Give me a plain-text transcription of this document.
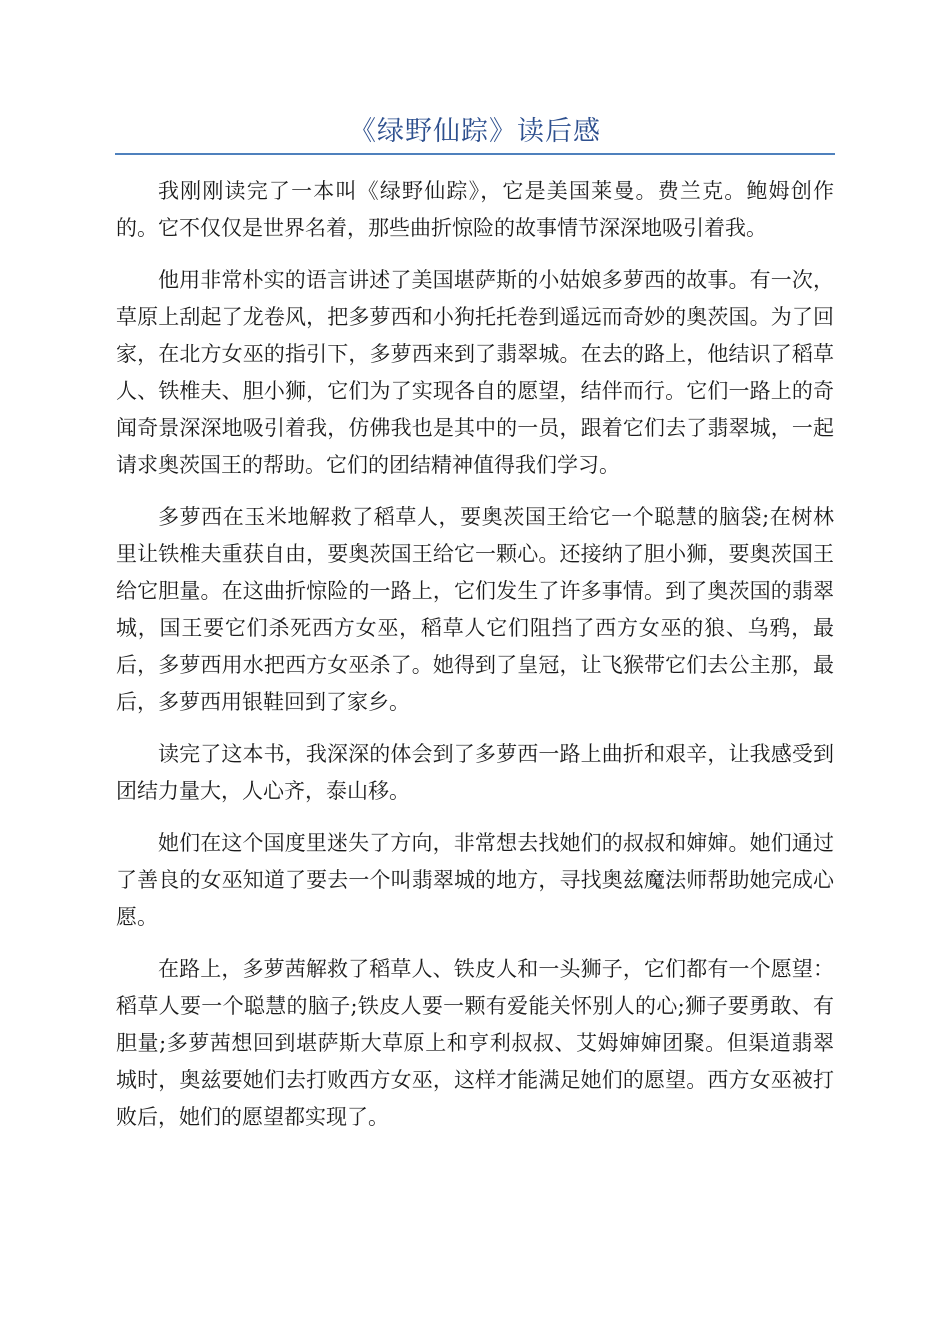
《绿野仙踪》读后感

我刚刚读完了一本叫《绿野仙踪》，它是美国莱曼。费兰克。鲍姆创作的。它不仅仅是世界名着，那些曲折惊险的故事情节深深地吸引着我。

他用非常朴实的语言讲述了美国堪萨斯的小姑娘多萝西的故事。有一次，草原上刮起了龙卷风，把多萝西和小狗托托卷到遥远而奇妙的奥茨国。为了回家，在北方女巫的指引下，多萝西来到了翡翠城。在去的路上，他结识了稻草人、铁椎夫、胆小狮，它们为了实现各自的愿望，结伴而行。它们一路上的奇闻奇景深深地吸引着我，仿佛我也是其中的一员，跟着它们去了翡翠城，一起请求奥茨国王的帮助。它们的团结精神值得我们学习。

多萝西在玉米地解救了稻草人，要奥茨国王给它一个聪慧的脑袋;在树林里让铁椎夫重获自由，要奥茨国王给它一颗心。还接纳了胆小狮，要奥茨国王给它胆量。在这曲折惊险的一路上，它们发生了许多事情。到了奥茨国的翡翠城，国王要它们杀死西方女巫，稻草人它们阻挡了西方女巫的狼、乌鸦，最后，多萝西用水把西方女巫杀了。她得到了皇冠，让飞猴带它们去公主那，最后，多萝西用银鞋回到了家乡。

读完了这本书，我深深的体会到了多萝西一路上曲折和艰辛，让我感受到团结力量大，人心齐，泰山移。

她们在这个国度里迷失了方向，非常想去找她们的叔叔和婶婶。她们通过了善良的女巫知道了要去一个叫翡翠城的地方，寻找奥兹魔法师帮助她完成心愿。

在路上，多萝茜解救了稻草人、铁皮人和一头狮子，它们都有一个愿望：稻草人要一个聪慧的脑子;铁皮人要一颗有爱能关怀别人的心;狮子要勇敢、有胆量;多萝茜想回到堪萨斯大草原上和亨利叔叔、艾姆婶婶团聚。但渠道翡翠城时，奥兹要她们去打败西方女巫，这样才能满足她们的愿望。西方女巫被打败后，她们的愿望都实现了。
